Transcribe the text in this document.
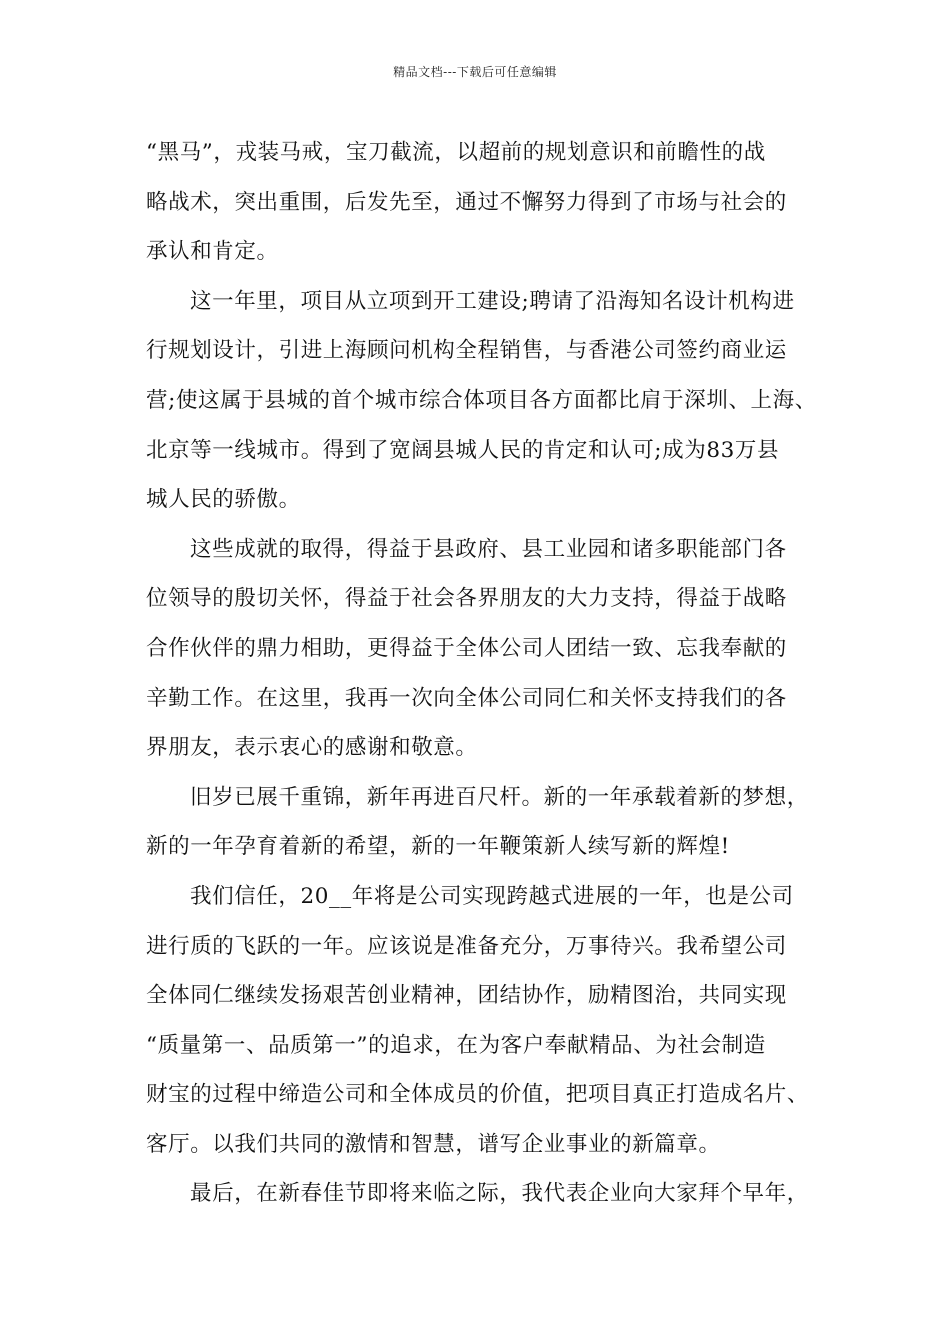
精品文档---下载后可任意编辑
“黑马”，戎装马戒，宝刀截流，以超前的规划意识和前瞻性的战
略战术，突出重围，后发先至，通过不懈努力得到了市场与社会的
承认和肯定。
这一年里，项目从立项到开工建设;聘请了沿海知名设计机构进
行规划设计，引进上海顾问机构全程销售，与香港公司签约商业运
营;使这属于县城的首个城市综合体项目各方面都比肩于深圳、上海、
北京等一线城市。得到了宽阔县城人民的肯定和认可;成为83万县
城人民的骄傲。
这些成就的取得，得益于县政府、县工业园和诸多职能部门各
位领导的殷切关怀，得益于社会各界朋友的大力支持，得益于战略
合作伙伴的鼎力相助，更得益于全体公司人团结一致、忘我奉献的
辛勤工作。在这里，我再一次向全体公司同仁和关怀支持我们的各
界朋友，表示衷心的感谢和敬意。
旧岁已展千重锦，新年再进百尺杆。新的一年承载着新的梦想，
新的一年孕育着新的希望，新的一年鞭策新人续写新的辉煌!
我们信任，20__年将是公司实现跨越式进展的一年，也是公司
进行质的飞跃的一年。应该说是准备充分，万事待兴。我希望公司
全体同仁继续发扬艰苦创业精神，团结协作，励精图治，共同实现
“质量第一、品质第一”的追求，在为客户奉献精品、为社会制造
财宝的过程中缔造公司和全体成员的价值，把项目真正打造成名片、
客厅。以我们共同的激情和智慧，谱写企业事业的新篇章。
最后，在新春佳节即将来临之际，我代表企业向大家拜个早年，
